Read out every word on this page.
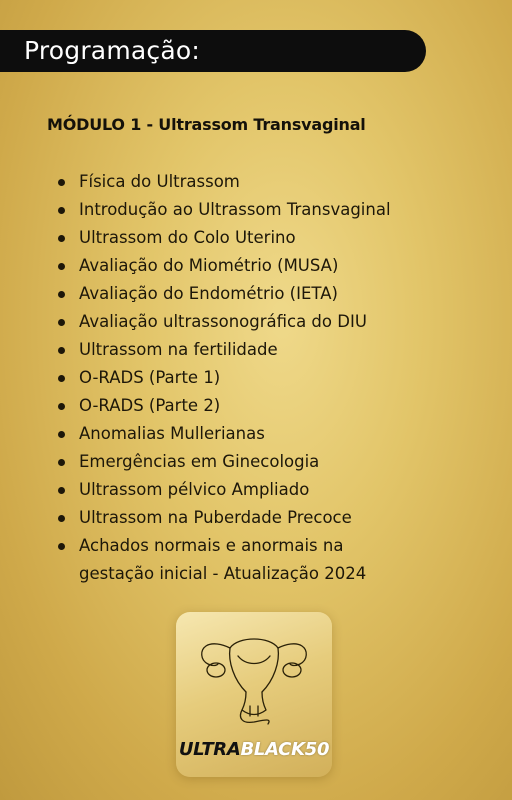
Programação:
MÓDULO 1 - Ultrassom Transvaginal
Física do Ultrassom
Introdução ao Ultrassom Transvaginal
Ultrassom do Colo Uterino
Avaliação do Miométrio (MUSA)
Avaliação do Endométrio (IETA)
Avaliação ultrassonográfica do DIU
Ultrassom na fertilidade
O-RADS (Parte 1)
O-RADS (Parte 2)
Anomalias Mullerianas
Emergências em Ginecologia
Ultrassom pélvico Ampliado
Ultrassom na Puberdade Precoce
Achados normais e anormais na
gestação inicial - Atualização 2024
ULTRABLACK50
